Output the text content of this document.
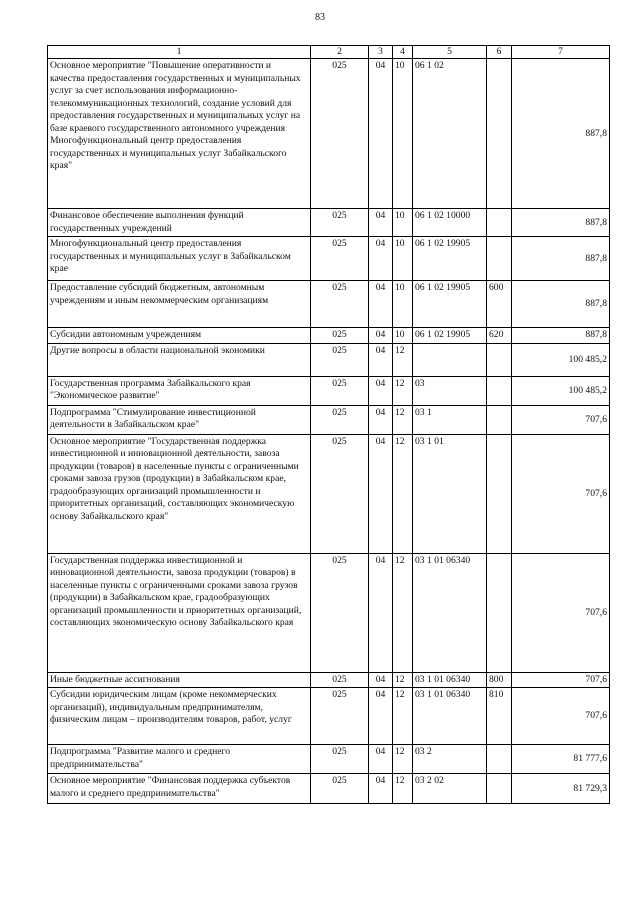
83
1	2	3	4	5	6	7
Основное мероприятие "Повышение оперативности и качества предоставления государственных и муниципальных услуг за счет использования информационно-телекоммуникационных технологий, создание условий для предоставления государственных и муниципальных услуг на базе краевого государственного автономного учреждения Многофункциональный центр предоставления государственных и муниципальных услуг Забайкальского края"	025	04	10	06 1 02		887,8
Финансовое обеспечение выполнения функций государственных учреждений	025	04	10	06 1 02 10000		887,8
Многофункциональный центр предоставления государственных и муниципальных услуг в Забайкальском крае	025	04	10	06 1 02 19905		887,8
Предоставление субсидий бюджетным, автономным учреждениям и иным некоммерческим организациям	025	04	10	06 1 02 19905	600	887,8
Субсидии автономным учреждениям	025	04	10	06 1 02 19905	620	887,8
Другие вопросы в области национальной экономики	025	04	12			100 485,2
Государственная программа Забайкальского края "Экономическое развитие"	025	04	12	03		100 485,2
Подпрограмма "Стимулирование инвестиционной деятельности в Забайкальском крае"	025	04	12	03 1		707,6
Основное мероприятие "Государственная поддержка инвестиционной и инновационной деятельности, завоза продукции (товаров) в населенные пункты с ограниченными сроками завоза грузов (продукции) в Забайкальском крае, градообразующих организаций промышленности и приоритетных организаций, составляющих экономическую основу Забайкальского края"	025	04	12	03 1 01		707,6
Государственная поддержка инвестиционной и инновационной деятельности, завоза продукции (товаров) в населенные пункты с ограниченными сроками завоза грузов (продукции) в Забайкальском крае, градообразующих организаций промышленности и приоритетных организаций, составляющих экономическую основу Забайкальского края	025	04	12	03 1 01 06340		707,6
Иные бюджетные ассигнования	025	04	12	03 1 01 06340	800	707,6
Субсидии юридическим лицам (кроме некоммерческих организаций), индивидуальным предпринимателям, физическим лицам – производителям товаров, работ, услуг	025	04	12	03 1 01 06340	810	707,6
Подпрограмма "Развитие малого и среднего предпринимательства"	025	04	12	03 2		81 777,6
Основное мероприятие "Финансовая поддержка субъектов малого и среднего предпринимательства"	025	04	12	03 2 02		81 729,3
